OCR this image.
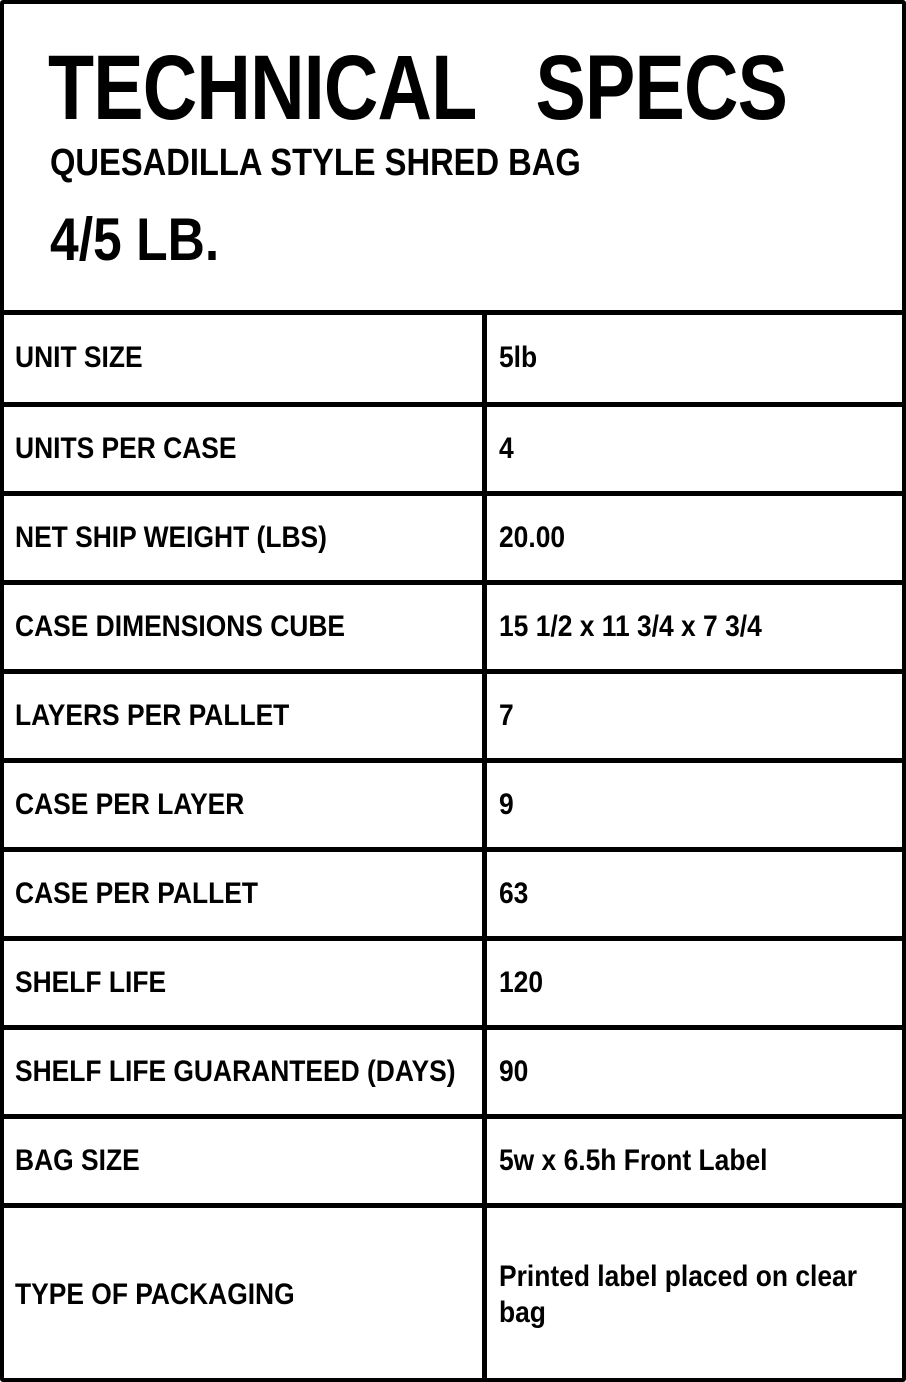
TECHNICAL   SPECS
QUESADILLA STYLE SHRED BAG
4/5 LB.
UNIT SIZE	5lb
UNITS PER CASE	4
NET SHIP WEIGHT (LBS)	20.00
CASE DIMENSIONS CUBE	15 1/2 x 11 3/4 x 7 3/4
LAYERS PER PALLET	7
CASE PER LAYER	9
CASE PER PALLET	63
SHELF LIFE	120
SHELF LIFE GUARANTEED (DAYS)	90
BAG SIZE	5w x 6.5h Front Label
TYPE OF PACKAGING	Printed label placed on clear bag
